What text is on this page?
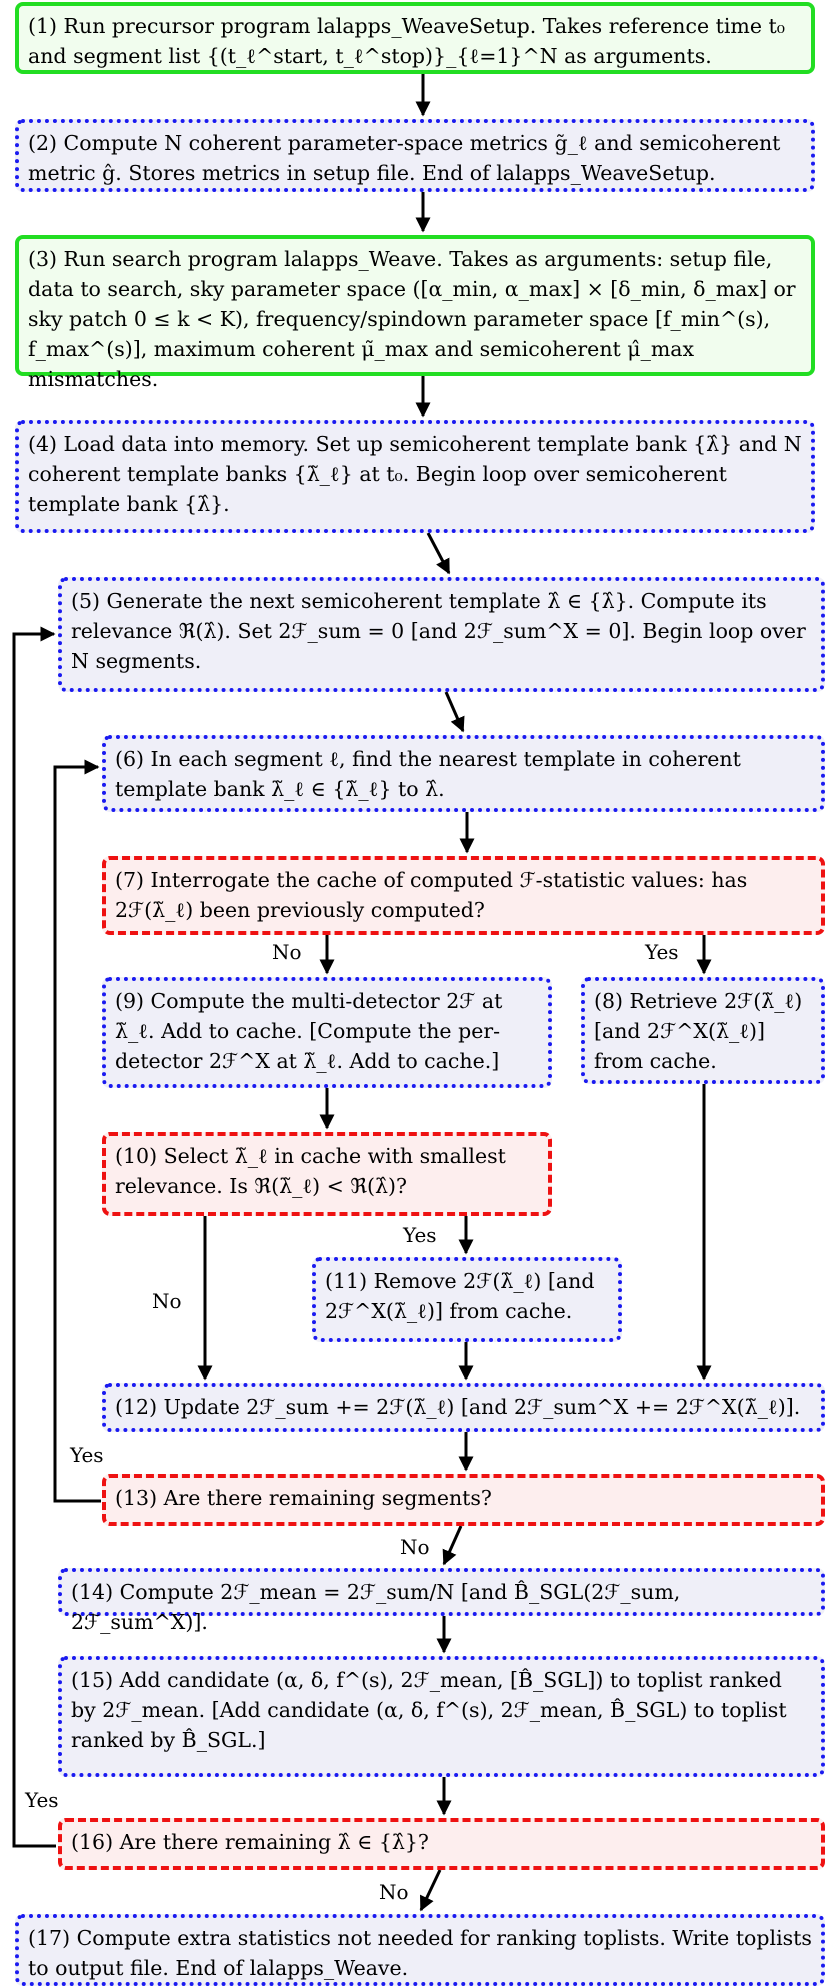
(1) Run precursor program lalapps_WeaveSetup. Takes reference time t₀ and segment list {(t_ℓ^start, t_ℓ^stop)}_{ℓ=1}^N as arguments.
(2) Compute N coherent parameter-space metrics g̃_ℓ and semicoherent metric ĝ. Stores metrics in setup file. End of lalapps_WeaveSetup.
(3) Run search program lalapps_Weave. Takes as arguments: setup file, data to search, sky parameter space ([α_min, α_max] × [δ_min, δ_max] or sky patch 0 ≤ k < K), frequency/spindown parameter space [f_min^(s), f_max^(s)], maximum coherent μ̃_max and semicoherent μ̂_max mismatches.
(4) Load data into memory. Set up semicoherent template bank {λ̂} and N coherent template banks {λ̃_ℓ} at t₀. Begin loop over semicoherent template bank {λ̂}.
(5) Generate the next semicoherent template λ̂ ∈ {λ̂}. Compute its relevance ℜ(λ̂). Set 2ℱ_sum = 0 [and 2ℱ_sum^X = 0]. Begin loop over N segments.
(6) In each segment ℓ, find the nearest template in coherent template bank λ̃_ℓ ∈ {λ̃_ℓ} to λ̂.
(7) Interrogate the cache of computed ℱ-statistic values: has 2ℱ(λ̃_ℓ) been previously computed?
(9) Compute the multi-detector 2ℱ at λ̃_ℓ. Add to cache. [Compute the per-detector 2ℱ^X at λ̃_ℓ. Add to cache.]
(8) Retrieve 2ℱ(λ̃_ℓ) [and 2ℱ^X(λ̃_ℓ)] from cache.
(10) Select λ̃_ℓ in cache with smallest relevance. Is ℜ(λ̃_ℓ) < ℜ(λ̂)?
(11) Remove 2ℱ(λ̃_ℓ) [and 2ℱ^X(λ̃_ℓ)] from cache.
(12) Update 2ℱ_sum += 2ℱ(λ̃_ℓ) [and 2ℱ_sum^X += 2ℱ^X(λ̃_ℓ)].
(13) Are there remaining segments?
(14) Compute 2ℱ_mean = 2ℱ_sum/N [and B̂_SGL(2ℱ_sum, 2ℱ_sum^X)].
(15) Add candidate (α, δ, f^(s), 2ℱ_mean, [B̂_SGL]) to toplist ranked by 2ℱ_mean. [Add candidate (α, δ, f^(s), 2ℱ_mean, B̂_SGL) to toplist ranked by B̂_SGL.]
(16) Are there remaining λ̂ ∈ {λ̂}?
(17) Compute extra statistics not needed for ranking toplists. Write toplists to output file. End of lalapps_Weave.
No	Yes
Yes
No
Yes
No
Yes
No
